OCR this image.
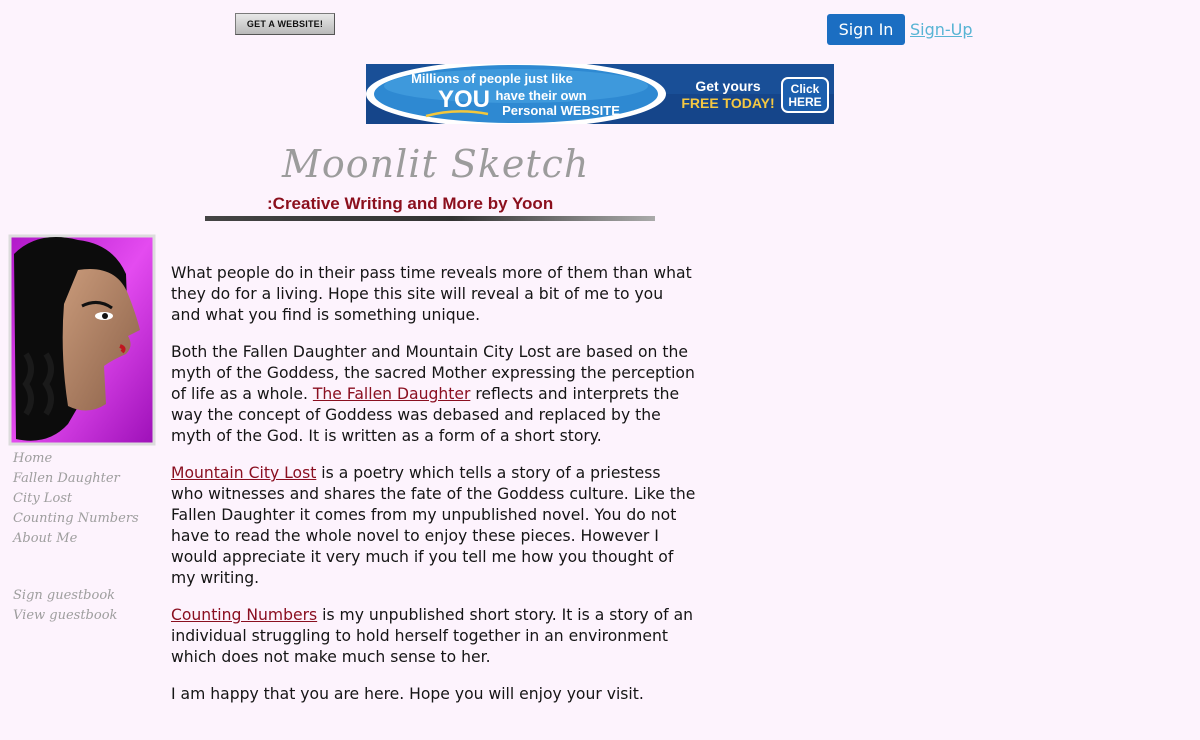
GET A WEBSITE!	Sign In	Sign-Up
Millions of people just like
YOU have their own
Personal WEBSITE
Get yours
FREE TODAY!
Click
HERE
Moonlit Sketch
:Creative Writing and More by Yoon
Home
Fallen Daughter
City Lost
Counting Numbers
About Me
Sign guestbook
View guestbook

What people do in their pass time reveals more of them than what they do for a living. Hope this site will reveal a bit of me to you and what you find is something unique.

Both the Fallen Daughter and Mountain City Lost are based on the myth of the Goddess, the sacred Mother expressing the perception of life as a whole. The Fallen Daughter reflects and interprets the way the concept of Goddess was debased and replaced by the myth of the God. It is written as a form of a short story.

Mountain City Lost is a poetry which tells a story of a priestess who witnesses and shares the fate of the Goddess culture. Like the Fallen Daughter it comes from my unpublished novel. You do not have to read the whole novel to enjoy these pieces. However I would appreciate it very much if you tell me how you thought of my writing.

Counting Numbers is my unpublished short story. It is a story of an individual struggling to hold herself together in an environment which does not make much sense to her.

I am happy that you are here. Hope you will enjoy your visit.
